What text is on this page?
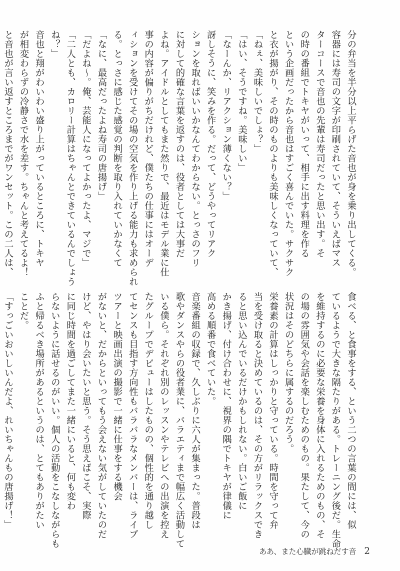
分の弁当を半分以上平らげた音也が身を乗り出してくる。
容器には寿司の文字が印刷されていて、そういえばマス
ターコースで音也の先輩は寿司だったと思い出す。そ
の時の番組でトキヤがいって、相手に出す料理を作る
という企画だったから音也はすごく喜んでいた。サクサク
と衣が揚がり、その時のものよりも美味しくなっていて、
「ねぇ、美味しいでしょ？」
「はい、そうですね。美味しい」
「なーんか、リアクション薄くない？」
訝しそうに、笑みを作る。だって、どうやってリアク
ションを取ればいいかなんてわからない。とっさのフリ
に対して的確な言葉を返すのは、役者としては大事だ
よね。アイドルとしてもまた然りで、最近はモデル業に仕
事の内容が偏りがちだけれど、僕たちの仕事にはオーデ
ィションを受けてその場の空気を作り上げる能力も求められ
る。とっさに感じた感覚の判断を取り入れていかなくて
「なに、最高だったよね寿司の唐揚げ」
「だよね〜。俺、芸能人になってよかったよ、マジで」
「二人とも、カロリー計算はちゃんとできているんでしょう
ね？」
音也と翔がわいわい盛り上がっているところに、トキヤ
が相変わらずの冷静さで水を差す。ちゃんと考えてるよ！
と音也が言い返すところまでがワンセット。この二人は、
食べる、と食事をする、という二つの言葉の間には、似
ているようで大きな隔たりがある。トレーニング後だ。生命
を維持するのに必要な栄養を身体に入れるためのもの、そ
の場の雰囲気や会話を楽しむためのもの。果たして、今の
状況はそのどちらに属するのだろう。
栄養素の計算はしっかりと守っている。時間を守って弁
当を受け取ると決めているのは、その方がリラックスでき
ると思い込んでいるだけかもしれない。白いご飯に
かき揚げ、付け合わせに、視界の隅でトキヤが律儀に
高める順番で食べていた。
音楽番組の収録で、久しぶりに六人が集まった。普段は
歌やダンスやらの役者業に、バラエティまで幅広く活動して
いる僕ら。それぞれ別のレッスンやテレビへの出演を控え
たグループでデビューはしたものの、個性的を通り越し
てセンスも目指す方向性もバラバラなメンバーは、ライブ
ツアーと映画出演の撮影で一緒に仕事をする機会
がないと、だからといってもう会えない気がしていたのだ
けど、やはり会いたいと思う。そう思えばこそ、実際
に同じ時間を過ごしてまた一緒にいると、何も変わ
らないように話せるのがいい。個人の活動をこなしながらも
ふと帰るべき場所があるというのは、とてもありがたい
ことだ。
「すっごいおいしいんだよ、れいちゃんもの唐揚げ！」
ああ、また心臓が跳ねだす音 2
